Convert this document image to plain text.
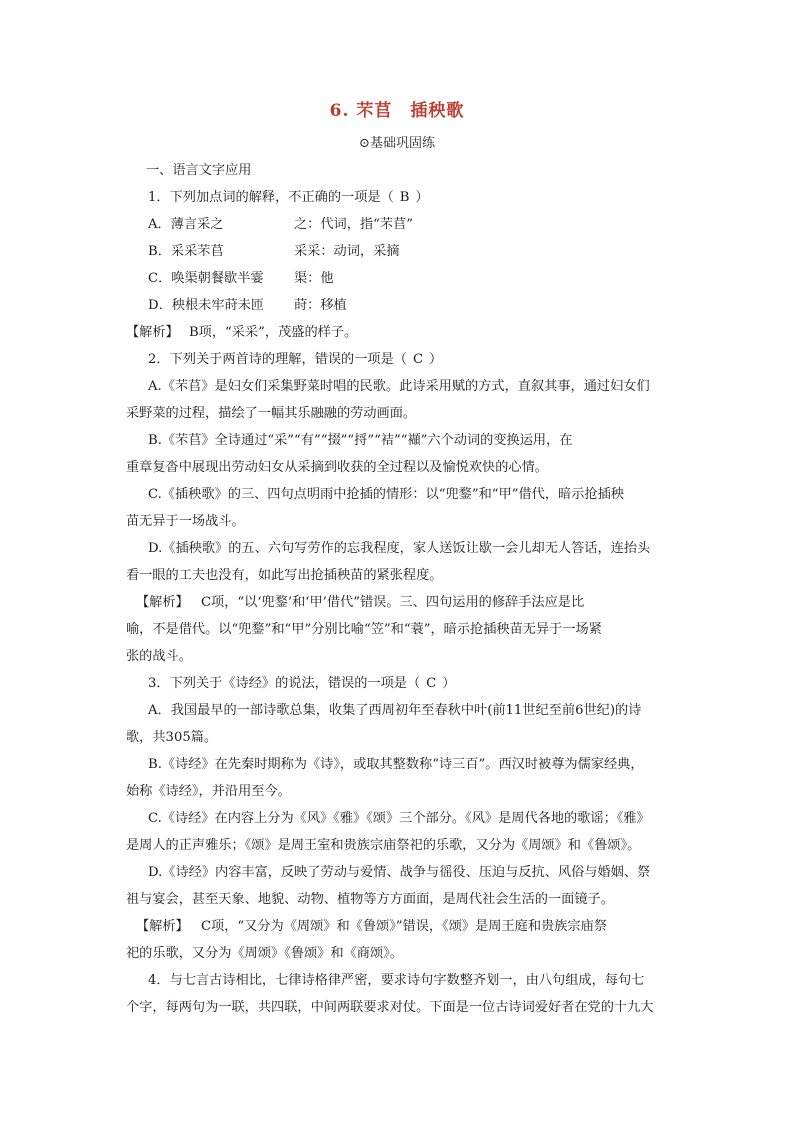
6. 芣苢 插秧歌
⊙基础巩固练
一、语言文字应用
1．下列加点词的解释，不正确的一项是（ B ）
A．薄言采之	之：代词，指“芣苢”
B．采采芣苢	采采：动词，采摘
C．唤渠朝餐歇半霎 渠：他
D．秧根未牢莳未匝 莳：移植
【解析】 B项，“采采”，茂盛的样子。
2．下列关于两首诗的理解，错误的一项是（ C ）
A.《芣苢》是妇女们采集野菜时唱的民歌。此诗采用赋的方式，直叙其事，通过妇女们
采野菜的过程，描绘了一幅其乐融融的劳动画面。
B.《芣苢》全诗通过“采”“有”“掇”“捋”“袺”“襭”六个动词的变换运用，在
重章复沓中展现出劳动妇女从采摘到收获的全过程以及愉悦欢快的心情。
C.《插秧歌》的三、四句点明雨中抢插的情形：以“兜鍪”和“甲”借代，暗示抢插秧
苗无异于一场战斗。
D.《插秧歌》的五、六句写劳作的忘我程度，家人送饭让歇一会儿却无人答话，连抬头
看一眼的工夫也没有，如此写出抢插秧苗的紧张程度。
【解析】 C项，“以‘兜鍪’和‘甲’借代”错误。三、四句运用的修辞手法应是比
喻，不是借代。以“兜鍪”和“甲”分别比喻“笠”和“蓑”，暗示抢插秧苗无异于一场紧
张的战斗。
3．下列关于《诗经》的说法，错误的一项是（ C ）
A．我国最早的一部诗歌总集，收集了西周初年至春秋中叶(前11世纪至前6世纪)的诗
歌，共305篇。
B.《诗经》在先秦时期称为《诗》，或取其整数称“诗三百”。西汉时被尊为儒家经典，
始称《诗经》，并沿用至今。
C.《诗经》在内容上分为《风》《雅》《颂》三个部分。《风》是周代各地的歌谣；《雅》
是周人的正声雅乐；《颂》是周王室和贵族宗庙祭祀的乐歌，又分为《周颂》和《鲁颂》。
D.《诗经》内容丰富，反映了劳动与爱情、战争与徭役、压迫与反抗、风俗与婚姻、祭
祖与宴会，甚至天象、地貌、动物、植物等方方面面，是周代社会生活的一面镜子。
【解析】 C项，“又分为《周颂》和《鲁颂》”错误，《颂》是周王庭和贵族宗庙祭
祀的乐歌，又分为《周颂》《鲁颂》和《商颂》。
4．与七言古诗相比，七律诗格律严密，要求诗句字数整齐划一，由八句组成，每句七
个字，每两句为一联，共四联，中间两联要求对仗。下面是一位古诗词爱好者在党的十九大
